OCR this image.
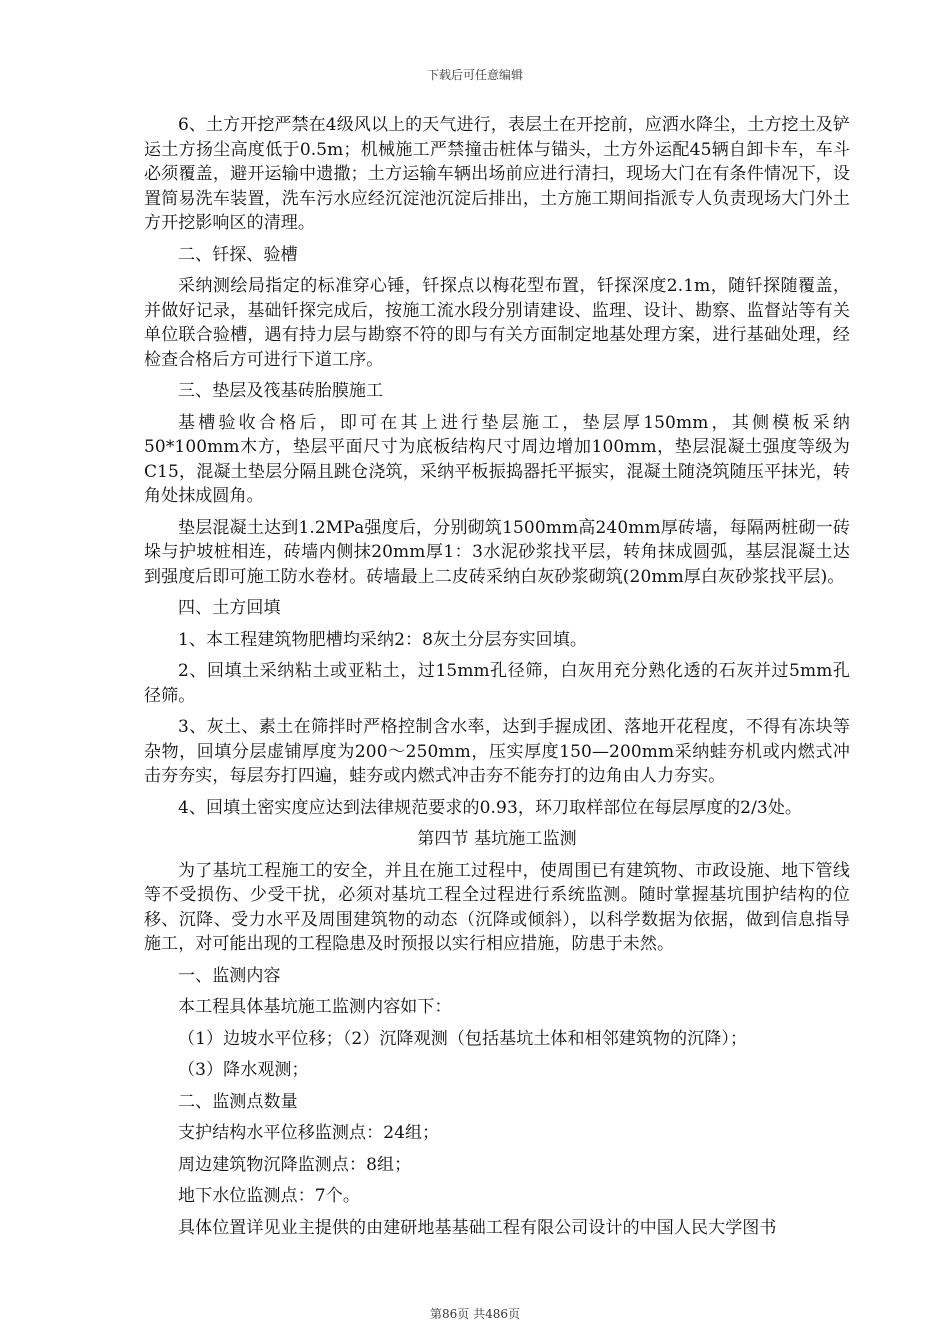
下载后可任意编辑

6、土方开挖严禁在4级风以上的天气进行，表层土在开挖前，应洒水降尘，土方挖土及铲运土方扬尘高度低于0.5m；机械施工严禁撞击桩体与锚头，土方外运配45辆自卸卡车，车斗必须覆盖，避开运输中遗撒；土方运输车辆出场前应进行清扫，现场大门在有条件情况下，设置简易洗车装置，洗车污水应经沉淀池沉淀后排出，土方施工期间指派专人负责现场大门外土方开挖影响区的清理。

二、钎探、验槽

采纳测绘局指定的标准穿心锤，钎探点以梅花型布置，钎探深度2.1m，随钎探随覆盖，并做好记录，基础钎探完成后，按施工流水段分别请建设、监理、设计、勘察、监督站等有关单位联合验槽，遇有持力层与勘察不符的即与有关方面制定地基处理方案，进行基础处理，经检查合格后方可进行下道工序。

三、垫层及筏基砖胎膜施工

基槽验收合格后，即可在其上进行垫层施工，垫层厚150mm，其侧模板采纳50*100mm木方，垫层平面尺寸为底板结构尺寸周边增加100mm，垫层混凝土强度等级为C15，混凝土垫层分隔且跳仓浇筑，采纳平板振捣器托平振实，混凝土随浇筑随压平抹光，转角处抹成圆角。

垫层混凝土达到1.2MPa强度后，分别砌筑1500mm高240mm厚砖墙，每隔两桩砌一砖垛与护坡桩相连，砖墙内侧抹20mm厚1：3水泥砂浆找平层，转角抹成圆弧，基层混凝土达到强度后即可施工防水卷材。砖墙最上二皮砖采纳白灰砂浆砌筑(20mm厚白灰砂浆找平层)。

四、土方回填

1、本工程建筑物肥槽均采纳2：8灰土分层夯实回填。

2、回填土采纳粘土或亚粘土，过15mm孔径筛，白灰用充分熟化透的石灰并过5mm孔径筛。

3、灰土、素土在筛拌时严格控制含水率，达到手握成团、落地开花程度，不得有冻块等杂物，回填分层虚铺厚度为200～250mm，压实厚度150—200mm采纳蛙夯机或内燃式冲击夯夯实，每层夯打四遍，蛙夯或内燃式冲击夯不能夯打的边角由人力夯实。

4、回填土密实度应达到法律规范要求的0.93，环刀取样部位在每层厚度的2/3处。

第四节 基坑施工监测

为了基坑工程施工的安全，并且在施工过程中，使周围已有建筑物、市政设施、地下管线等不受损伤、少受干扰，必须对基坑工程全过程进行系统监测。随时掌握基坑围护结构的位移、沉降、受力水平及周围建筑物的动态（沉降或倾斜），以科学数据为依据，做到信息指导施工，对可能出现的工程隐患及时预报以实行相应措施，防患于未然。

一、监测内容

本工程具体基坑施工监测内容如下：

（1）边坡水平位移；（2）沉降观测（包括基坑土体和相邻建筑物的沉降）；

（3）降水观测；

二、监测点数量

支护结构水平位移监测点：24组；

周边建筑物沉降监测点：8组；

地下水位监测点：7个。

具体位置详见业主提供的由建研地基基础工程有限公司设计的中国人民大学图书

第86页 共486页
